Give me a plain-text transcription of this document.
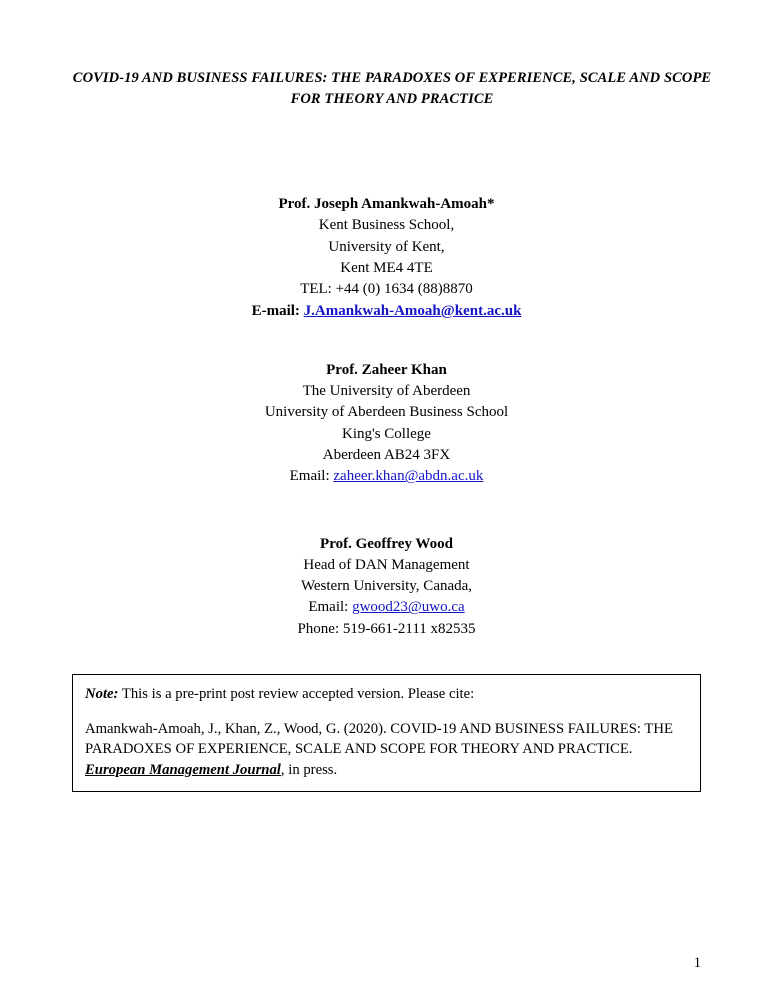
COVID-19 AND BUSINESS FAILURES: THE PARADOXES OF EXPERIENCE, SCALE AND SCOPE FOR THEORY AND PRACTICE
Prof. Joseph Amankwah-Amoah*
Kent Business School,
University of Kent,
Kent ME4 4TE
TEL: +44 (0) 1634 (88)8870
E-mail: J.Amankwah-Amoah@kent.ac.uk
Prof. Zaheer Khan
The University of Aberdeen
University of Aberdeen Business School
King's College
Aberdeen AB24 3FX
Email: zaheer.khan@abdn.ac.uk
Prof. Geoffrey Wood
Head of DAN Management
Western University, Canada,
Email: gwood23@uwo.ca
Phone: 519-661-2111 x82535
Note: This is a pre-print post review accepted version. Please cite:
Amankwah-Amoah, J., Khan, Z., Wood, G. (2020). COVID-19 AND BUSINESS FAILURES: THE PARADOXES OF EXPERIENCE, SCALE AND SCOPE FOR THEORY AND PRACTICE. European Management Journal, in press.
1
